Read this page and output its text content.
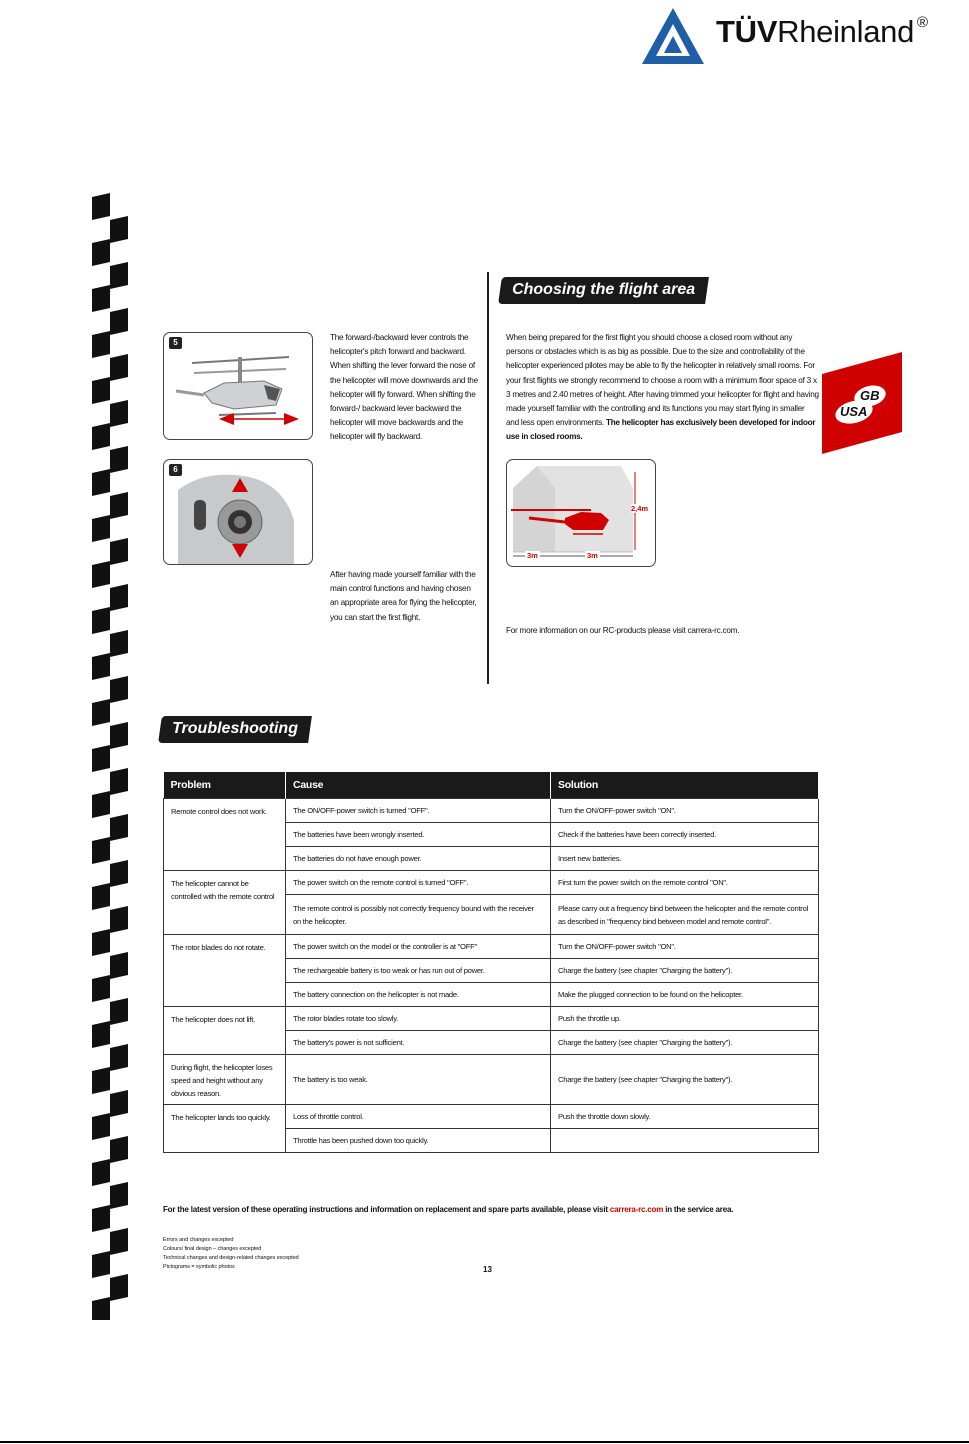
TÜVRheinland ®
5
6
The forward-/backward lever controls the helicopter's pitch forward and backward. When shifting the lever forward the nose of the helicopter will move downwards and the helicopter will fly forward. When shifting the forward-/ backward lever backward the helicopter will move backwards and the helicopter will fly backward.
After having made yourself familiar with the main control functions and having chosen an appropriate area for flying the helicopter, you can start the first flight.
Choosing the flight area
When being prepared for the first flight you should choose a closed room without any persons or obstacles which is as big as possible. Due to the size and controllability of the helicopter experienced pilotes may be able to fly the helicopter in relatively small rooms. For your first flights we strongly recommend to choose a room with a minimum floor space of 3 x 3 metres and 2.40 metres of height. After having trimmed your helicopter for flight and having made yourself familiar with the controlling and its functions you may start flying in smaller and less open environments. The helicopter has exclusively been developed for indoor use in closed rooms.
2,4m
3m	3m
For more information on our RC-products please visit carrera-rc.com.
GB
USA
Troubleshooting
Problem	Cause	Solution
Remote control does not work.	The ON/OFF-power switch is turned "OFF".	Turn the ON/OFF-power switch "ON".
	The batteries have been wrongly inserted.	Check if the batteries have been correctly inserted.
	The batteries do not have enough power.	Insert new batteries.
The helicopter cannot be controlled with the remote control	The power switch on the remote control is turned "OFF".	First turn the power switch on the remote control "ON".
	The remote control is possibly not correctly frequency bound with the receiver on the helicopter.	Please carry out a frequency bind between the helicopter and the remote control as described in "frequency bind between model and remote control".
The rotor blades do not rotate.	The power switch on the model or the controller is at "OFF"	Turn the ON/OFF-power switch "ON".
	The rechargeable battery is too weak or has run out of power.	Charge the battery (see chapter "Charging the battery").
	The battery connection on the helicopter is not made.	Make the plugged connection to be found on the helicopter.
The helicopter does not lift.	The rotor blades rotate too slowly.	Push the throttle up.
	The battery's power is not sufficient.	Charge the battery (see chapter "Charging the battery").
During flight, the helicopter loses speed and height without any obvious reason.	The battery is too weak.	Charge the battery (see chapter "Charging the battery").
The helicopter lands too quickly.	Loss of throttle control.	Push the throttle down slowly.
	Throttle has been pushed down too quickly.	
For the latest version of these operating instructions and information on replacement and spare parts available, please visit carrera-rc.com in the service area.
Errors and changes excepted
Colours/ final design – changes excepted
Technical changes and design-related changes excepted
Pictograms = symbolic photos	13
